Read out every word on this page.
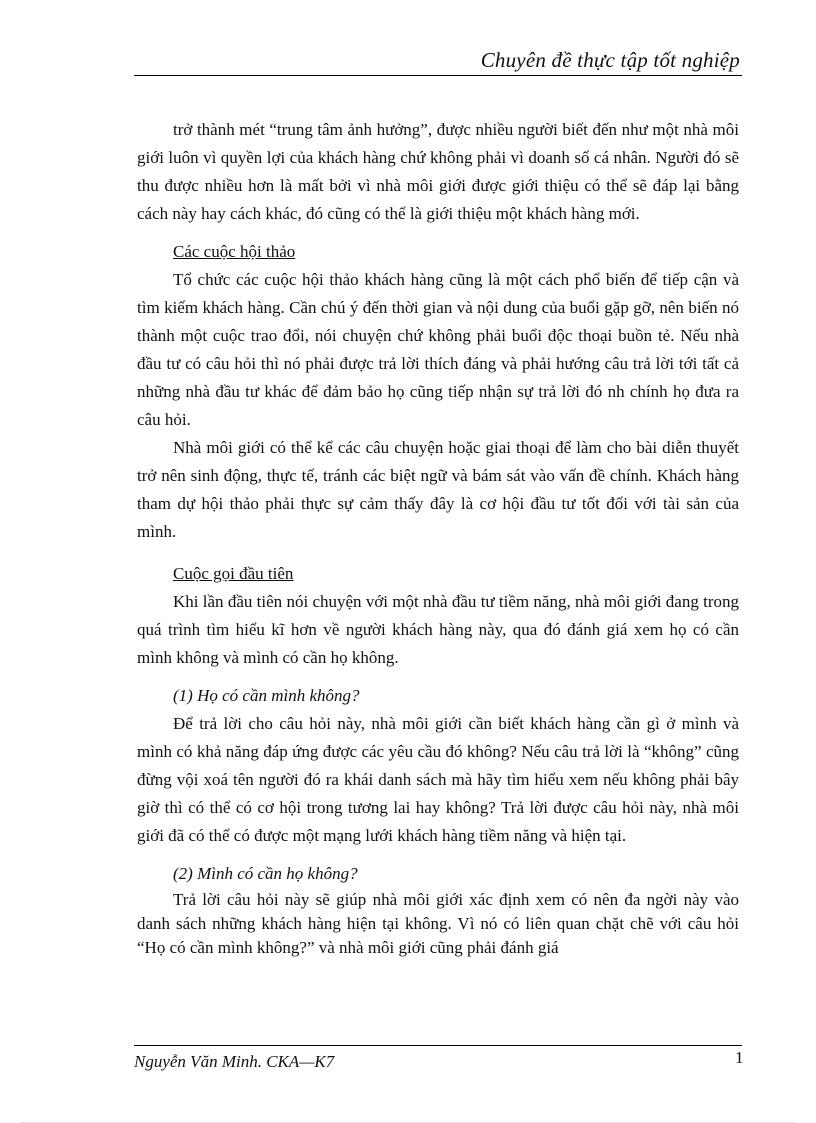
Chuyên đề thực tập tốt nghiệp

trở thành mét “trung tâm ảnh hưởng”, được nhiều người biết đến như một nhà môi giới luôn vì quyền lợi của khách hàng chứ không phải vì doanh số cá nhân. Người đó sẽ thu được nhiều hơn là mất bởi vì nhà môi giới được giới thiệu có thể sẽ đáp lại bằng cách này hay cách khác, đó cũng có thể là giới thiệu một khách hàng mới.

Các cuộc hội thảo

Tổ chức các cuộc hội thảo khách hàng cũng là một cách phổ biến để tiếp cận và tìm kiếm khách hàng. Cần chú ý đến thời gian và nội dung của buổi gặp gỡ, nên biến nó thành một cuộc trao đổi, nói chuyện chứ không phải buổi độc thoại buồn tẻ. Nếu nhà đầu tư có câu hỏi thì nó phải được trả lời thích đáng và phải hướng câu trả lời tới tất cả những nhà đầu tư khác để đảm bảo họ cũng tiếp nhận sự trả lời đó nh chính họ đưa ra câu hỏi.

Nhà môi giới có thể kể các câu chuyện hoặc giai thoại để làm cho bài diễn thuyết trở nên sinh động, thực tế, tránh các biệt ngữ và bám sát vào vấn đề chính. Khách hàng tham dự hội thảo phải thực sự cảm thấy đây là cơ hội đầu tư tốt đối với tài sản của mình.

Cuộc gọi đầu tiên

Khi lần đầu tiên nói chuyện với một nhà đầu tư tiềm năng, nhà môi giới đang trong quá trình tìm hiểu kĩ hơn về người khách hàng này, qua đó đánh giá xem họ có cần mình không và mình có cần họ không.

(1) Họ có cần mình không?

Để trả lời cho câu hỏi này, nhà môi giới cần biết khách hàng cần gì ở mình và mình có khả năng đáp ứng được các yêu cầu đó không? Nếu câu trả lời là “không” cũng đừng vội xoá tên người đó ra khái danh sách mà hãy tìm hiểu xem nếu không phải bây giờ thì có thể có cơ hội trong tương lai hay không? Trả lời được câu hỏi này, nhà môi giới đã có thể có được một mạng lưới khách hàng tiềm năng và hiện tại.

(2) Mình có cần họ không?

Trả lời câu hỏi này sẽ giúp nhà môi giới xác định xem có nên đa ngời này vào danh sách những khách hàng hiện tại không. Vì nó có liên quan chặt chẽ với câu hỏi “Họ có cần mình không?” và nhà môi giới cũng phải đánh giá

Nguyễn Văn Minh. CKA—K7	1
